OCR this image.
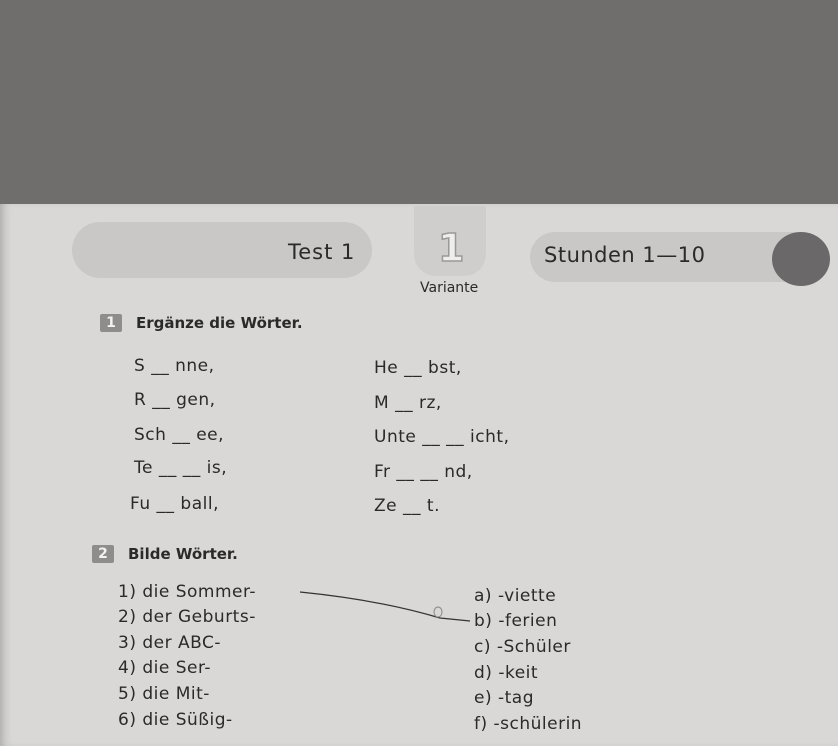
Test 1 1	Stunden 1—10
Variante
1	Ergänze die Wörter.
S __ nne,
R __ gen,
Sch __ ee,
Te __ __ is,
Fu __ ball,
He __ bst,
M __ rz,
Unte __ __ icht,
Fr __ __ nd,
Ze __ t.
2	Bilde Wörter.
1) die Sommer-
2) der Geburts-
3) der ABC-
4) die Ser-
5) die Mit-
6) die Süßig-
a) -viette
b) -ferien
c) -Schüler
d) -keit
e) -tag
f) -schülerin
